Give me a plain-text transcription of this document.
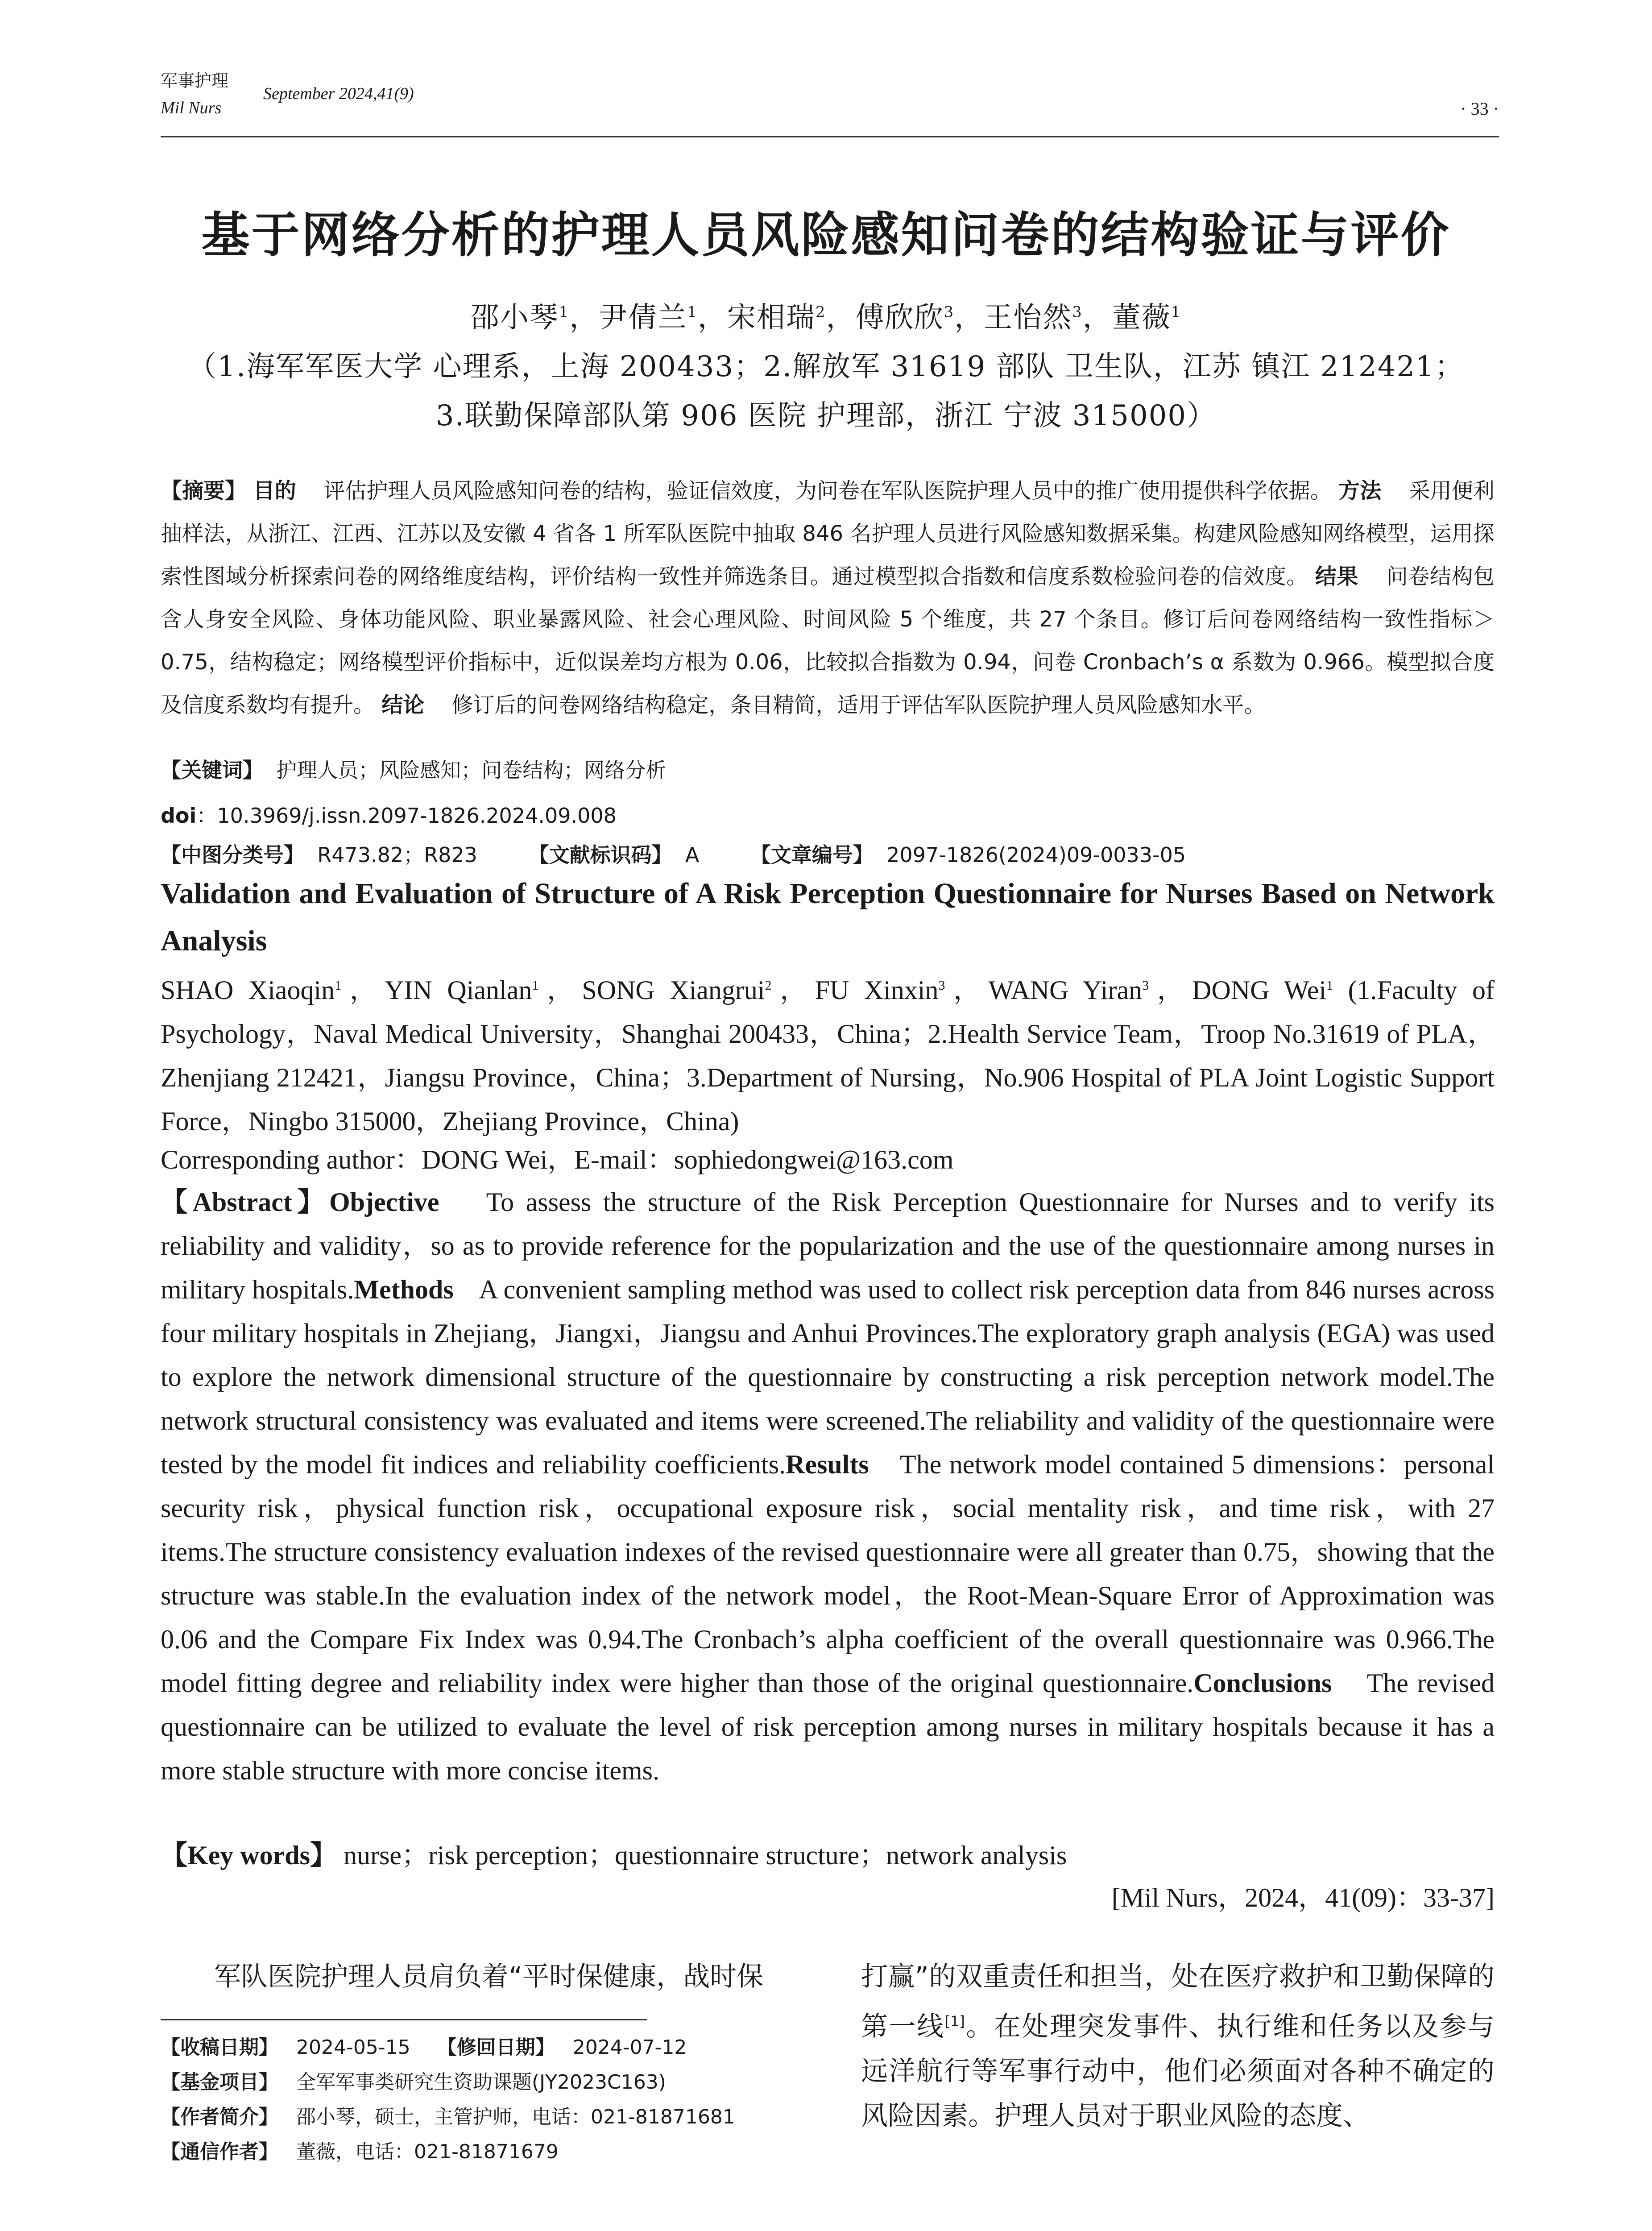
军事护理
Mil Nurs
September 2024,41(9)
· 33 ·
基于网络分析的护理人员风险感知问卷的结构验证与评价
邵小琴$^1$，尹倩兰$^1$，宋相瑞$^2$，傅欣欣$^3$，王怡然$^3$，董薇$^1$
（1.海军军医大学 心理系，上海 200433；2.解放军 31619 部队 卫生队，江苏 镇江 212421；
3.联勤保障部队第 906 医院 护理部，浙江 宁波 315000）
【摘要】 目的 评估护理人员风险感知问卷的结构，验证信效度，为问卷在军队医院护理人员中的推广使用提供科学依据。 方法 采用便利抽样法，从浙江、江西、江苏以及安徽 4 省各 1 所军队医院中抽取 846 名护理人员进行风险感知数据采集。构建风险感知网络模型，运用探索性图域分析探索问卷的网络维度结构，评价结构一致性并筛选条目。通过模型拟合指数和信度系数检验问卷的信效度。 结果 问卷结构包含人身安全风险、身体功能风险、职业暴露风险、社会心理风险、时间风险 5 个维度，共 27 个条目。修订后问卷网络结构一致性指标＞0.75，结构稳定；网络模型评价指标中，近似误差均方根为 0.06，比较拟合指数为 0.94，问卷 Cronbach’s α 系数为 0.966。模型拟合度及信度系数均有提升。 结论 修订后的问卷网络结构稳定，条目精简，适用于评估军队医院护理人员风险感知水平。
【关键词】 护理人员；风险感知；问卷结构；网络分析
doi：10.3969/j.issn.2097-1826.2024.09.008
【中图分类号】 R473.82；R823 【文献标识码】 A 【文章编号】 2097-1826(2024)09-0033-05
Validation and Evaluation of Structure of A Risk Perception Questionnaire for Nurses Based on Network Analysis
SHAO Xiaoqin$^1$，YIN Qianlan$^1$，SONG Xiangrui$^2$，FU Xinxin$^3$，WANG Yiran$^3$，DONG Wei$^1$ (1.Faculty of Psychology，Naval Medical University，Shanghai 200433，China；2.Health Service Team，Troop No.31619 of PLA，Zhenjiang 212421，Jiangsu Province，China；3.Department of Nursing，No.906 Hospital of PLA Joint Logistic Support Force，Ningbo 315000，Zhejiang Province，China)
Corresponding author：DONG Wei，E-mail：sophiedongwei@163.com
【Abstract】Objective To assess the structure of the Risk Perception Questionnaire for Nurses and to verify its reliability and validity，so as to provide reference for the popularization and the use of the questionnaire among nurses in military hospitals.Methods A convenient sampling method was used to collect risk perception data from 846 nurses across four military hospitals in Zhejiang，Jiangxi，Jiangsu and Anhui Provinces.The exploratory graph analysis (EGA) was used to explore the network dimensional structure of the questionnaire by constructing a risk perception network model.The network structural consistency was evaluated and items were screened.The reliability and validity of the questionnaire were tested by the model fit indices and reliability coefficients.Results The network model contained 5 dimensions：personal security risk，physical function risk，occupational exposure risk，social mentality risk，and time risk，with 27 items.The structure consistency evaluation indexes of the revised questionnaire were all greater than 0.75，showing that the structure was stable.In the evaluation index of the network model，the Root-Mean-Square Error of Approximation was 0.06 and the Compare Fix Index was 0.94.The Cronbach’s alpha coefficient of the overall questionnaire was 0.966.The model fitting degree and reliability index were higher than those of the original questionnaire.Conclusions The revised questionnaire can be utilized to evaluate the level of risk perception among nurses in military hospitals because it has a more stable structure with more concise items.
【Key words】 nurse；risk perception；questionnaire structure；network analysis
[Mil Nurs，2024，41(09)：33-37]
军队医院护理人员肩负着“平时保健康，战时保	打赢”的双重责任和担当，处在医疗救护和卫勤保障的第一线[1]。在处理突发事件、执行维和任务以及参与远洋航行等军事行动中，他们必须面对各种不确定的风险因素。护理人员对于职业风险的态度、
【收稿日期】 2024-05-15 【修回日期】 2024-07-12
【基金项目】 全军军事类研究生资助课题(JY2023C163)
【作者简介】 邵小琴，硕士，主管护师，电话：021-81871681
【通信作者】 董薇，电话：021-81871679
